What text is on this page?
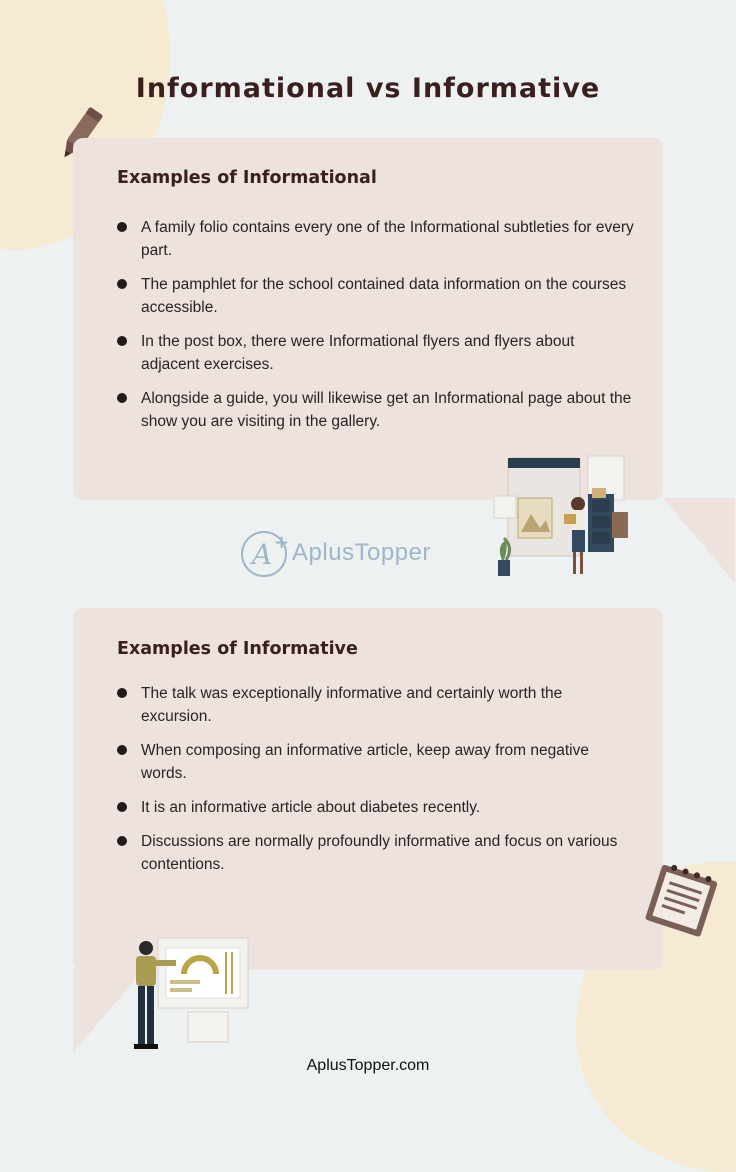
Informational vs Informative
Examples of Informational
A family folio contains every one of the Informational subtleties for every part.
The pamphlet for the school contained data information on the courses accessible.
In the post box, there were Informational flyers and flyers about adjacent exercises.
Alongside a guide, you will likewise get an Informational page about the show you are visiting in the gallery.
A + AplusTopper
Examples of Informative
The talk was exceptionally informative and certainly worth the excursion.
When composing an informative article, keep away from negative words.
It is an informative article about diabetes recently.
Discussions are normally profoundly informative and focus on various contentions.
AplusTopper.com
